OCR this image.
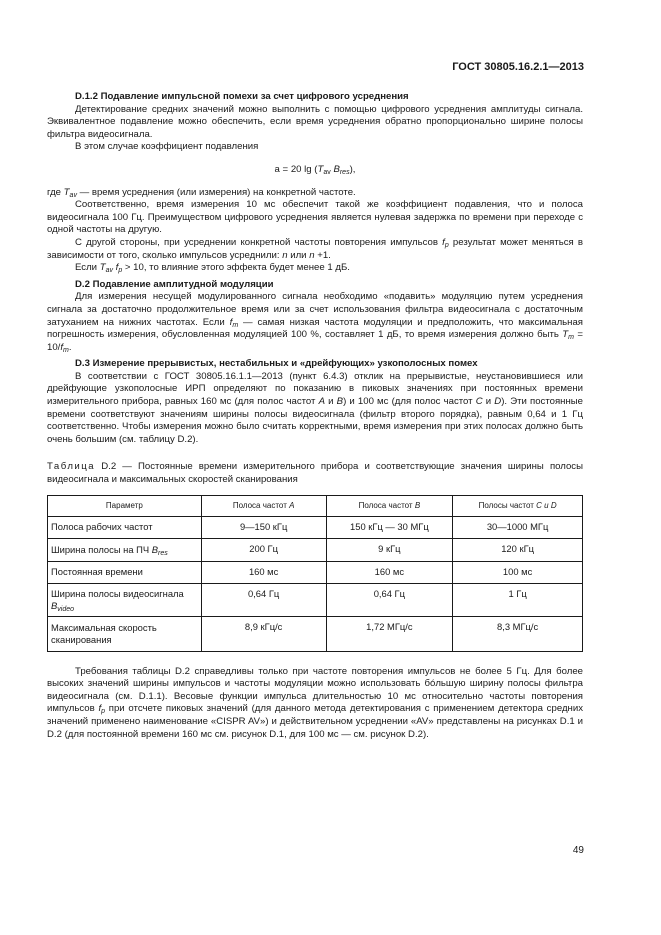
ГОСТ 30805.16.2.1—2013

D.1.2 Подавление импульсной помехи за счет цифрового усреднения

Детектирование средних значений можно выполнить с помощью цифрового усреднения амплитуды сигнала. Эквивалентное подавление можно обеспечить, если время усреднения обратно пропорционально ширине полосы фильтра видеосигнала.

В этом случае коэффициент подавления

a = 20 $\lg (T_{av}$ $B_{res}$),

где $T_{av}$ — время усреднения (или измерения) на конкретной частоте.

Соответственно, время измерения 10 мс обеспечит такой же коэффициент подавления, что и полоса видеосигнала 100 Гц. Преимуществом цифрового усреднения является нулевая задержка по времени при переходе с одной частоты на другую.

С другой стороны, при усреднении конкретной частоты повторения импульсов $f_p$ результат может меняться в зависимости от того, сколько импульсов усреднили: n или n +1.

Если $T_{av}$ $f_p > 10$, то влияние этого эффекта будет менее 1 дБ.

D.2 Подавление амплитудной модуляции

Для измерения несущей модулированного сигнала необходимо «подавить» модуляцию путем усреднения сигнала за достаточно продолжительное время или за счет использования фильтра видеосигнала с достаточным затуханием на нижних частотах. Если $f_m$ — самая низкая частота модуляции и предположить, что максимальная погрешность измерения, обусловленная модуляцией 100 %, составляет 1 дБ, то время измерения должно быть $T_m = 10/f_m$.

D.3 Измерение прерывистых, нестабильных и «дрейфующих» узкополосных помех

В соответствии с ГОСТ 30805.16.1.1—2013 (пункт 6.4.3) отклик на прерывистые, неустановившиеся или дрейфующие узкополосные ИРП определяют по показанию в пиковых значениях при постоянных времени измерительного прибора, равных 160 мс (для полос частот A и B) и 100 мс (для полос частот C и D). Эти постоянные времени соответствуют значениям ширины полосы видеосигнала (фильтр второго порядка), равным 0,64 и 1 Гц соответственно. Чтобы измерения можно было считать корректными, время измерения при этих полосах должно быть очень большим (см. таблицу D.2).

Таблица D.2 — Постоянные времени измерительного прибора и соответствующие значения ширины полосы видеосигнала и максимальных скоростей сканирования

Параметр	Полоса частот A	Полоса частот B	Полосы частот C и D
Полоса рабочих частот	9—150 кГц	150 кГц — 30 МГц	30—1000 МГц
Ширина полосы на ПЧ $B_{res}$	200 Гц	9 кГц	120 кГц
Постоянная времени	160 мс	160 мс	100 мс
Ширина полосы видеосигнала $B_{video}$	0,64 Гц	0,64 Гц	1 Гц
Максимальная скорость сканирования	8,9 кГц/с	1,72 МГц/с	8,3 МГц/с

Требования таблицы D.2 справедливы только при частоте повторения импульсов не более 5 Гц. Для более высоких значений ширины импульсов и частоты модуляции можно использовать бóльшую ширину полосы фильтра видеосигнала (см. D.1.1). Весовые функции импульса длительностью 10 мс относительно частоты повторения импульсов $f_p$ при отсчете пиковых значений (для данного метода детектирования с применением детектора средних значений применено наименование «CISPR AV») и действительном усреднении «AV» представлены на рисунках D.1 и D.2 (для постоянной времени 160 мс см. рисунок D.1, для 100 мс — см. рисунок D.2).

49
